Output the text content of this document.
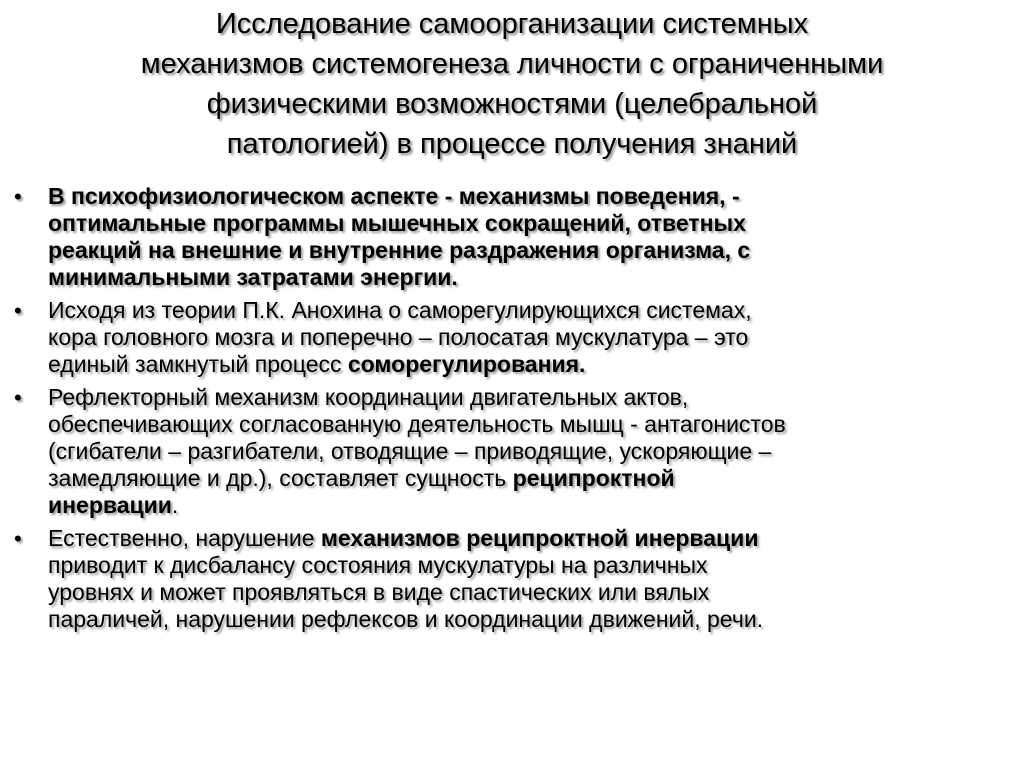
Исследование самоорганизации системных
механизмов системогенеза личности с ограниченными
физическими возможностями (целебральной
патологией) в процессе получения знаний
• В психофизиологическом аспекте - механизмы поведения, -
оптимальные программы мышечных сокращений, ответных
реакций на внешние и внутренние раздражения организма, с
минимальными затратами энергии.
• Исходя из теории П.К. Анохина о саморегулирующихся системах,
кора головного мозга и поперечно – полосатая мускулатура – это
единый замкнутый процесс соморегулирования.
• Рефлекторный механизм координации двигательных актов,
обеспечивающих согласованную деятельность мышц - антагонистов
(сгибатели – разгибатели, отводящие – приводящие, ускоряющие –
замедляющие и др.), составляет сущность реципроктной
инервации.
• Естественно, нарушение механизмов реципроктной инервации
приводит к дисбалансу состояния мускулатуры на различных
уровнях и может проявляться в виде спастических или вялых
параличей, нарушении рефлексов и координации движений, речи.
